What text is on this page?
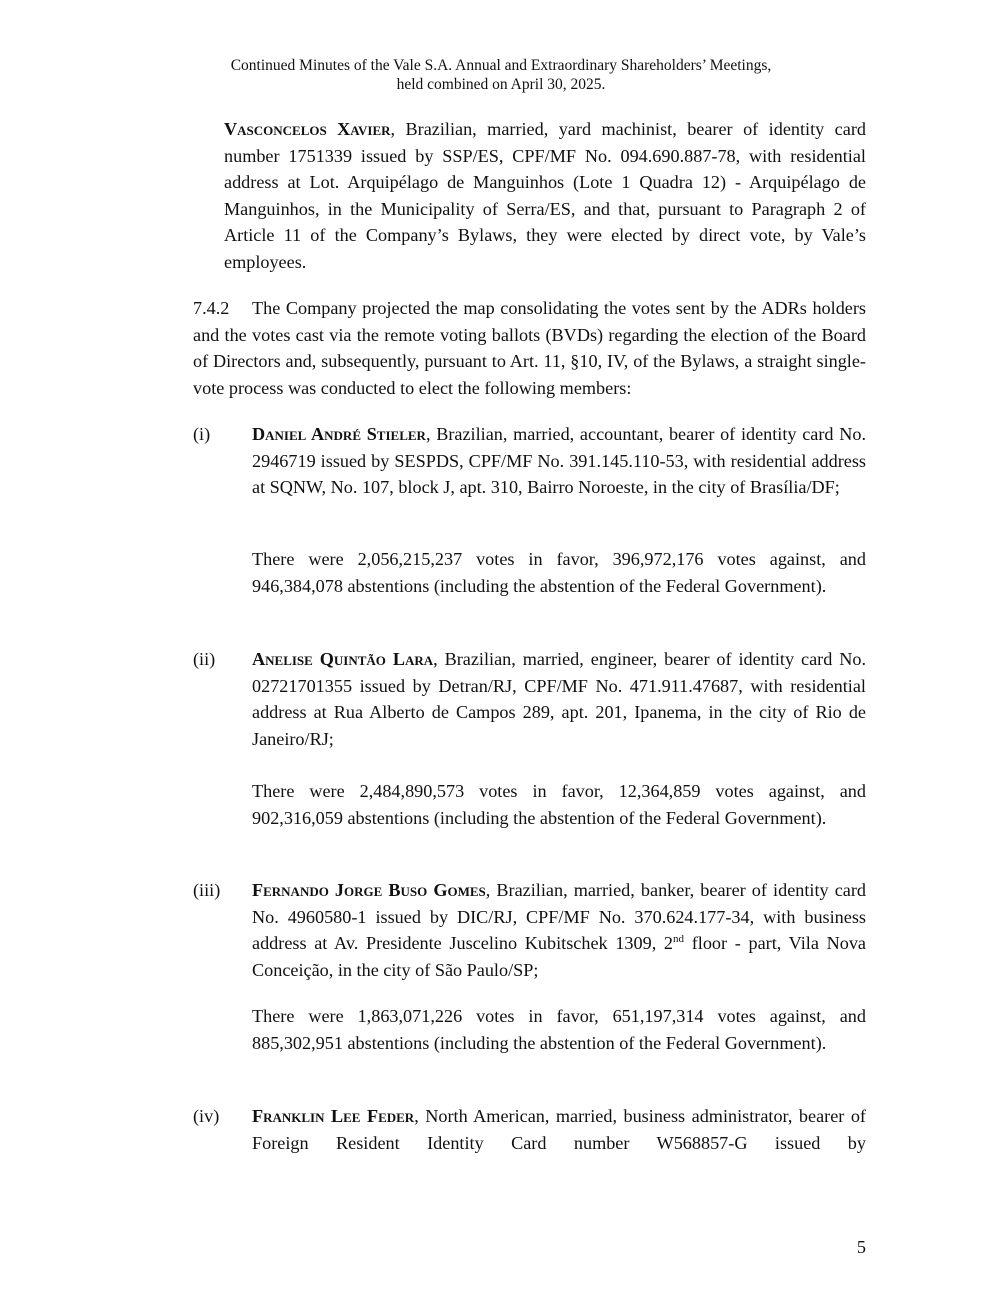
Continued Minutes of the Vale S.A. Annual and Extraordinary Shareholders’ Meetings,
held combined on April 30, 2025.
Vasconcelos Xavier, Brazilian, married, yard machinist, bearer of identity card number 1751339 issued by SSP/ES, CPF/MF No. 094.690.887-78, with residential address at Lot. Arquipélago de Manguinhos (Lote 1 Quadra 12) - Arquipélago de Manguinhos, in the Municipality of Serra/ES, and that, pursuant to Paragraph 2 of Article 11 of the Company’s Bylaws, they were elected by direct vote, by Vale’s employees.
7.4.2 The Company projected the map consolidating the votes sent by the ADRs holders and the votes cast via the remote voting ballots (BVDs) regarding the election of the Board of Directors and, subsequently, pursuant to Art. 11, §10, IV, of the Bylaws, a straight single-vote process was conducted to elect the following members:
(i) Daniel André Stieler, Brazilian, married, accountant, bearer of identity card No. 2946719 issued by SESPDS, CPF/MF No. 391.145.110-53, with residential address at SQNW, No. 107, block J, apt. 310, Bairro Noroeste, in the city of Brasília/DF;
There were 2,056,215,237 votes in favor, 396,972,176 votes against, and 946,384,078 abstentions (including the abstention of the Federal Government).
(ii) Anelise Quintão Lara, Brazilian, married, engineer, bearer of identity card No. 02721701355 issued by Detran/RJ, CPF/MF No. 471.911.47687, with residential address at Rua Alberto de Campos 289, apt. 201, Ipanema, in the city of Rio de Janeiro/RJ;
There were 2,484,890,573 votes in favor, 12,364,859 votes against, and 902,316,059 abstentions (including the abstention of the Federal Government).
(iii) Fernando Jorge Buso Gomes, Brazilian, married, banker, bearer of identity card No. 4960580-1 issued by DIC/RJ, CPF/MF No. 370.624.177-34, with business address at Av. Presidente Juscelino Kubitschek 1309, 2nd floor - part, Vila Nova Conceição, in the city of São Paulo/SP;
There were 1,863,071,226 votes in favor, 651,197,314 votes against, and 885,302,951 abstentions (including the abstention of the Federal Government).
(iv) Franklin Lee Feder, North American, married, business administrator, bearer of Foreign Resident Identity Card number W568857-G issued by
5
